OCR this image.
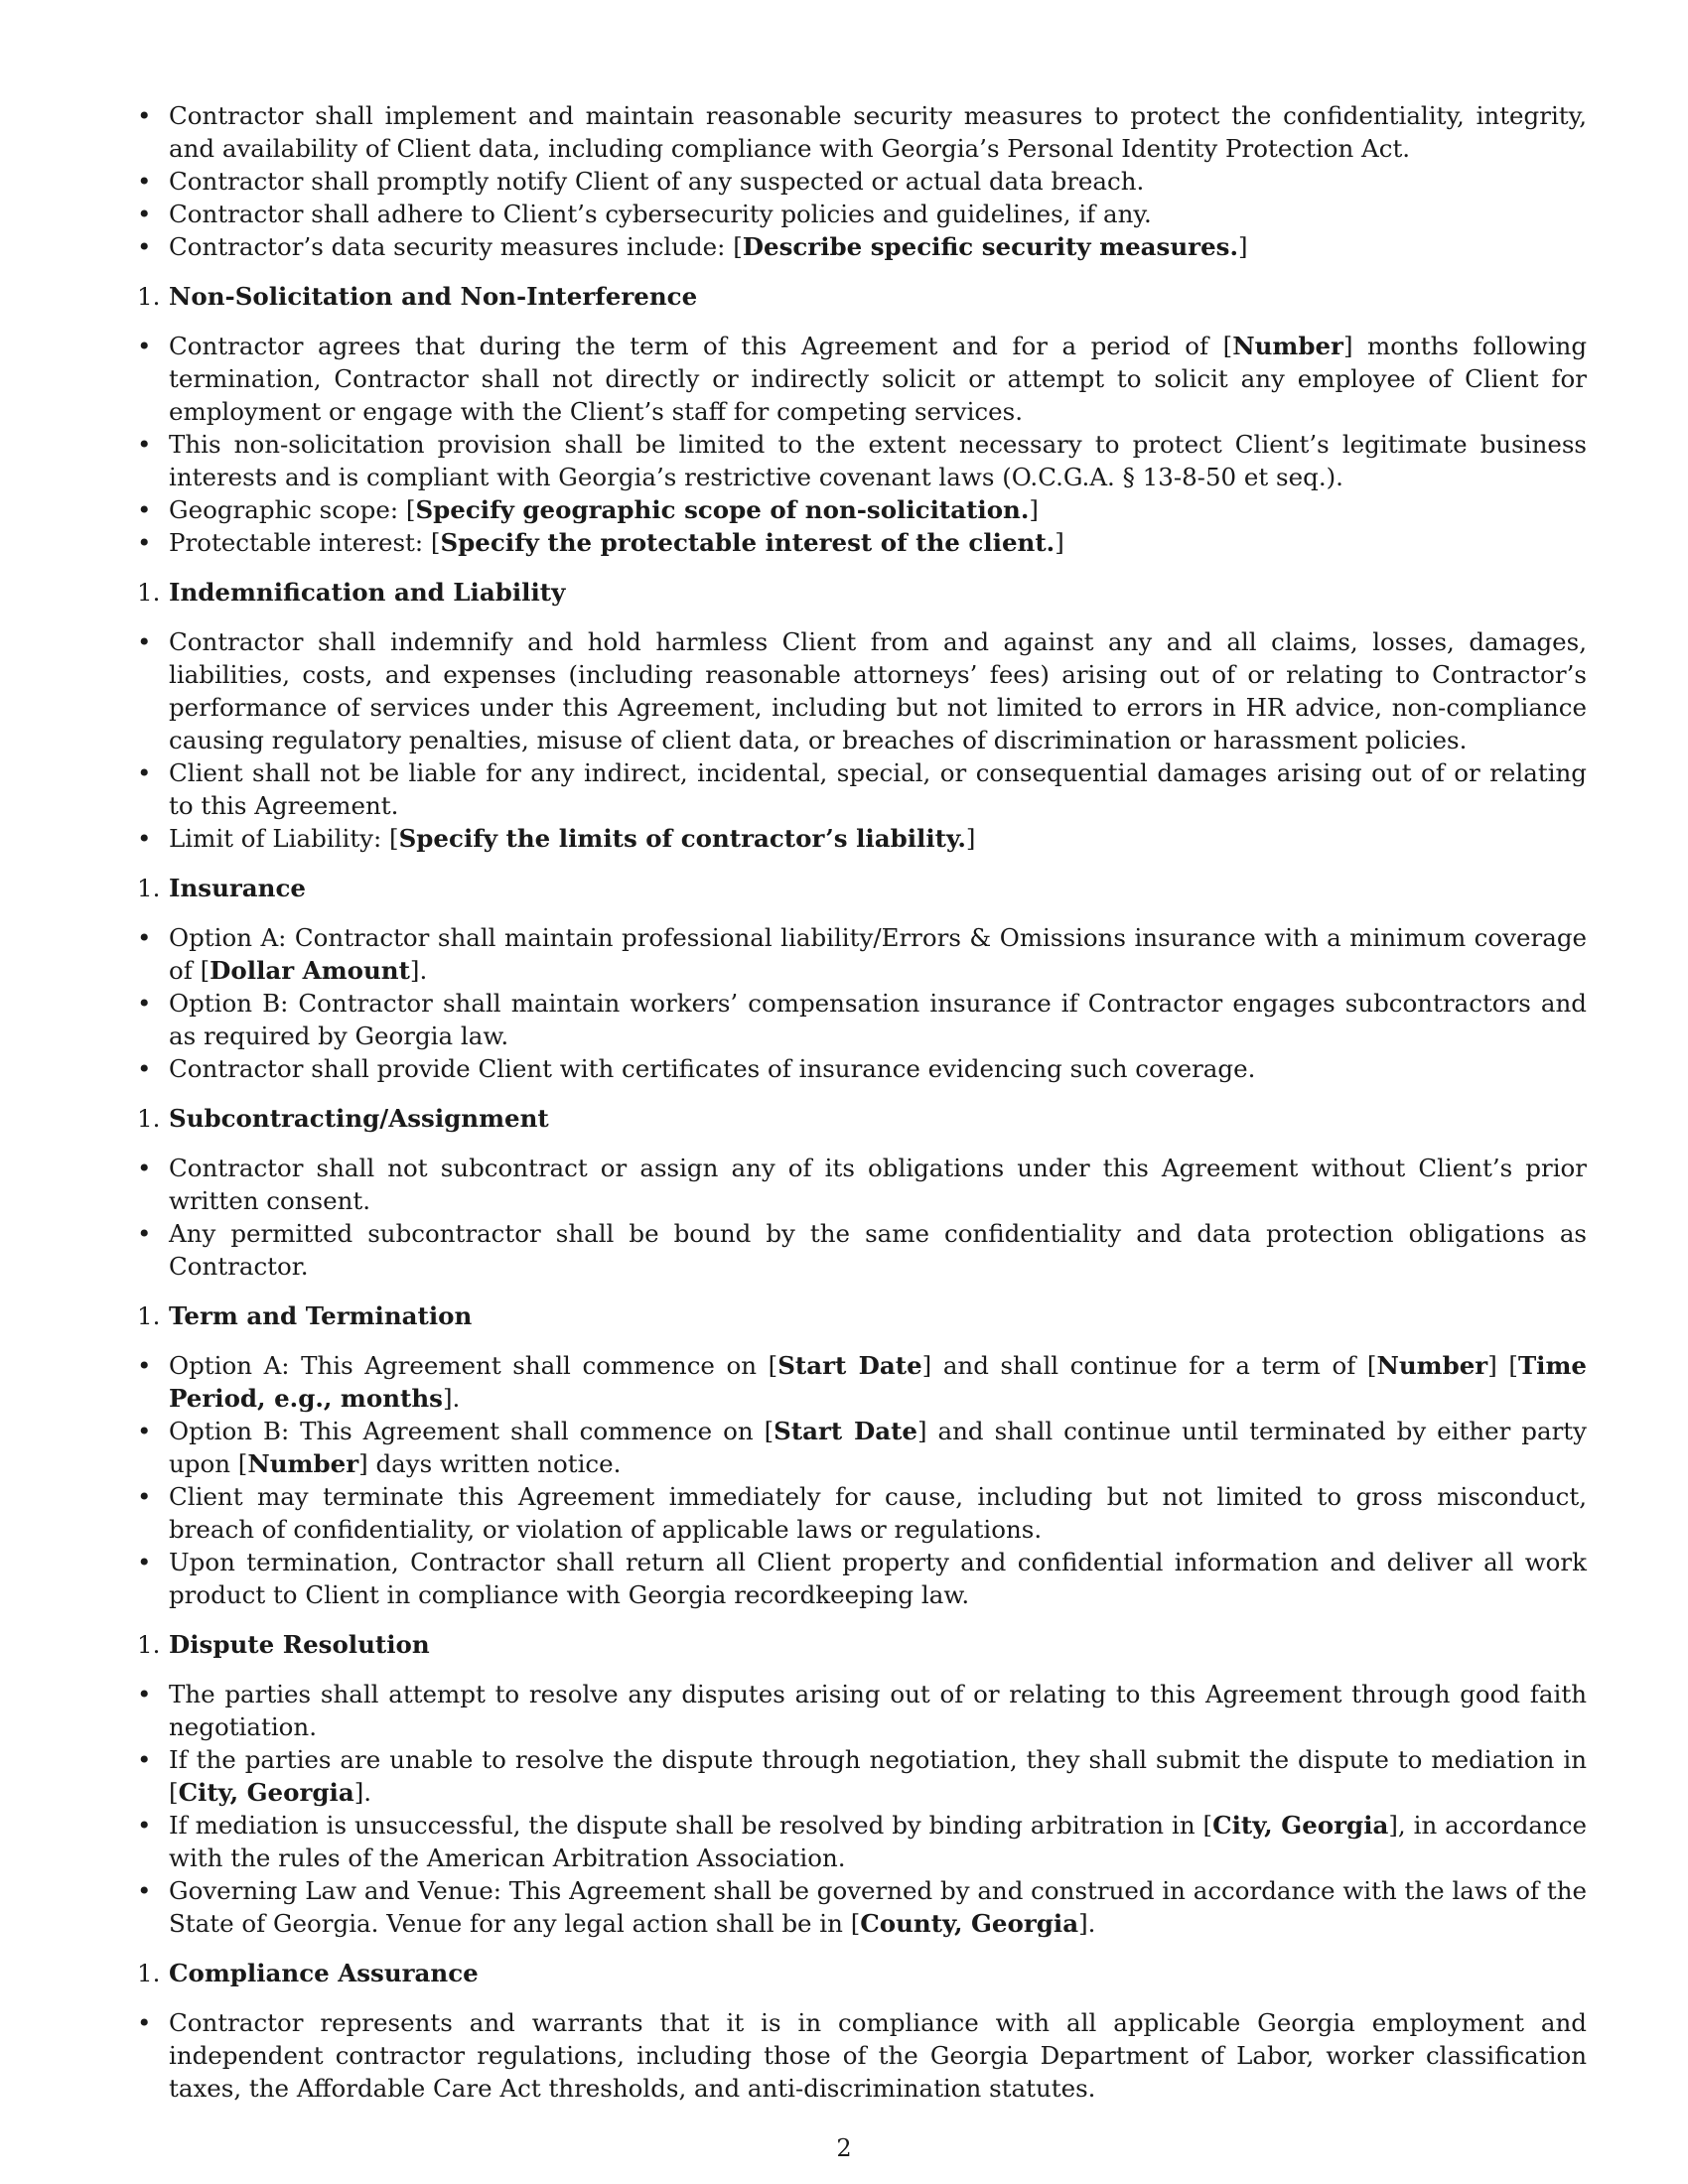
• Contractor shall implement and maintain reasonable security measures to protect the confidentiality, integrity, and availability of Client data, including compliance with Georgia’s Personal Identity Protection Act.
• Contractor shall promptly notify Client of any suspected or actual data breach.
• Contractor shall adhere to Client’s cybersecurity policies and guidelines, if any.
• Contractor’s data security measures include: [Describe specific security measures.]
1. Non-Solicitation and Non-Interference
• Contractor agrees that during the term of this Agreement and for a period of [Number] months following termination, Contractor shall not directly or indirectly solicit or attempt to solicit any employee of Client for employment or engage with the Client’s staff for competing services.
• This non-solicitation provision shall be limited to the extent necessary to protect Client’s legitimate business interests and is compliant with Georgia’s restrictive covenant laws (O.C.G.A. § 13-8-50 et seq.).
• Geographic scope: [Specify geographic scope of non-solicitation.]
• Protectable interest: [Specify the protectable interest of the client.]
1. Indemnification and Liability
• Contractor shall indemnify and hold harmless Client from and against any and all claims, losses, damages, liabilities, costs, and expenses (including reasonable attorneys’ fees) arising out of or relating to Contractor’s performance of services under this Agreement, including but not limited to errors in HR advice, non-compliance causing regulatory penalties, misuse of client data, or breaches of discrimination or harassment policies.
• Client shall not be liable for any indirect, incidental, special, or consequential damages arising out of or relating to this Agreement.
• Limit of Liability: [Specify the limits of contractor’s liability.]
1. Insurance
• Option A: Contractor shall maintain professional liability/Errors & Omissions insurance with a minimum coverage of [Dollar Amount].
• Option B: Contractor shall maintain workers’ compensation insurance if Contractor engages subcontractors and as required by Georgia law.
• Contractor shall provide Client with certificates of insurance evidencing such coverage.
1. Subcontracting/Assignment
• Contractor shall not subcontract or assign any of its obligations under this Agreement without Client’s prior written consent.
• Any permitted subcontractor shall be bound by the same confidentiality and data protection obligations as Contractor.
1. Term and Termination
• Option A: This Agreement shall commence on [Start Date] and shall continue for a term of [Number] [Time Period, e.g., months].
• Option B: This Agreement shall commence on [Start Date] and shall continue until terminated by either party upon [Number] days written notice.
• Client may terminate this Agreement immediately for cause, including but not limited to gross misconduct, breach of confidentiality, or violation of applicable laws or regulations.
• Upon termination, Contractor shall return all Client property and confidential information and deliver all work product to Client in compliance with Georgia recordkeeping law.
1. Dispute Resolution
• The parties shall attempt to resolve any disputes arising out of or relating to this Agreement through good faith negotiation.
• If the parties are unable to resolve the dispute through negotiation, they shall submit the dispute to mediation in [City, Georgia].
• If mediation is unsuccessful, the dispute shall be resolved by binding arbitration in [City, Georgia], in accordance with the rules of the American Arbitration Association.
• Governing Law and Venue: This Agreement shall be governed by and construed in accordance with the laws of the State of Georgia. Venue for any legal action shall be in [County, Georgia].
1. Compliance Assurance
• Contractor represents and warrants that it is in compliance with all applicable Georgia employment and independent contractor regulations, including those of the Georgia Department of Labor, worker classification taxes, the Affordable Care Act thresholds, and anti-discrimination statutes.
2
